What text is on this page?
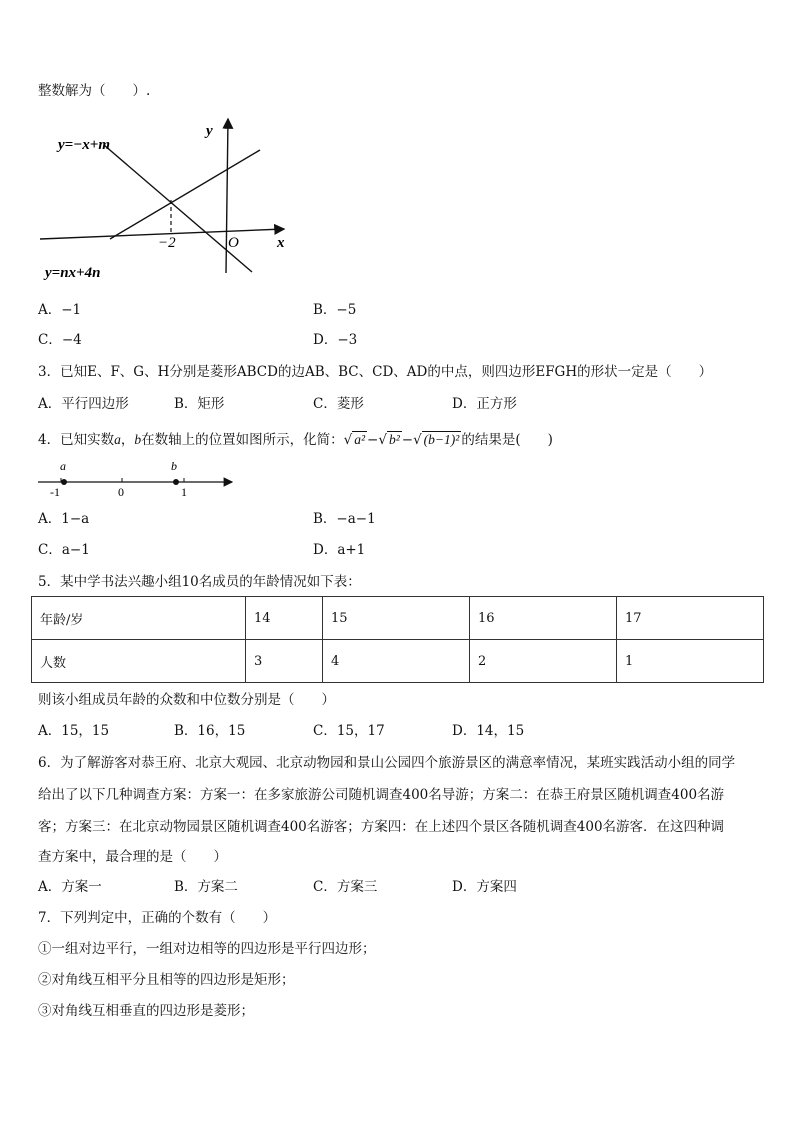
整数解为（　　）.
y=−x+m
y=nx+4n
−2	O	x
y
A．−1	B．−5
C．−4	D．−3
3．已知E、F、G、H分别是菱形ABCD的边AB、BC、CD、AD的中点，则四边形EFGH的形状一定是（　　）
A．平行四边形	B．矩形	C．菱形	D．正方形
4．已知实数a，b在数轴上的位置如图所示，化简：√ a² −√ b² −√ (b−1)² 的结果是(　　)
a	b
-1	0	1
A．1−a	B．−a−1
C．a−1	D．a+1
5．某中学书法兴趣小组10名成员的年龄情况如下表：
年龄/岁	14	15	16	17
人数	3	4	2	1
则该小组成员年龄的众数和中位数分别是（　　）
A．15，15	B．16，15	C．15，17	D．14，15
6．为了解游客对恭王府、北京大观园、北京动物园和景山公园四个旅游景区的满意率情况，某班实践活动小组的同学
给出了以下几种调查方案：方案一：在多家旅游公司随机调查400名导游；方案二：在恭王府景区随机调查400名游
客；方案三：在北京动物园景区随机调查400名游客；方案四：在上述四个景区各随机调查400名游客．在这四种调
查方案中，最合理的是（　　）
A．方案一	B．方案二	C．方案三	D．方案四
7．下列判定中，正确的个数有（　　）
①一组对边平行，一组对边相等的四边形是平行四边形；
②对角线互相平分且相等的四边形是矩形；
③对角线互相垂直的四边形是菱形；
